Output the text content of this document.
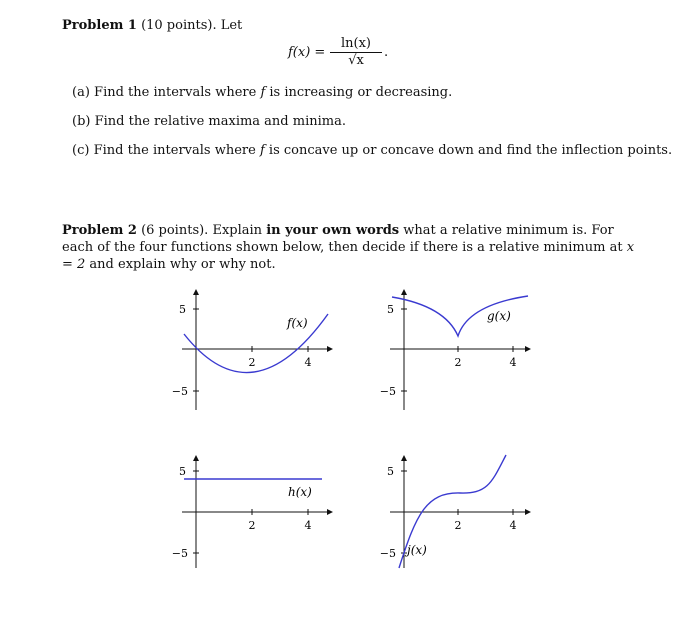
Problem 1 (10 points). Let
f(x) =
ln(x)
√x
.
(a) Find the intervals where f is increasing or decreasing.
(b) Find the relative maxima and minima.
(c) Find the intervals where f is concave up or concave down and find the inflection points.
Problem 2 (6 points). Explain in your own words what a relative minimum is. For each of the four functions shown below, then decide if there is a relative minimum at x = 2 and explain why or why not.
2	4
5
−5
f(x)
2	4
5
−5
g(x)
2	4
5
−5
h(x)
2	4
5
−5 j(x)
